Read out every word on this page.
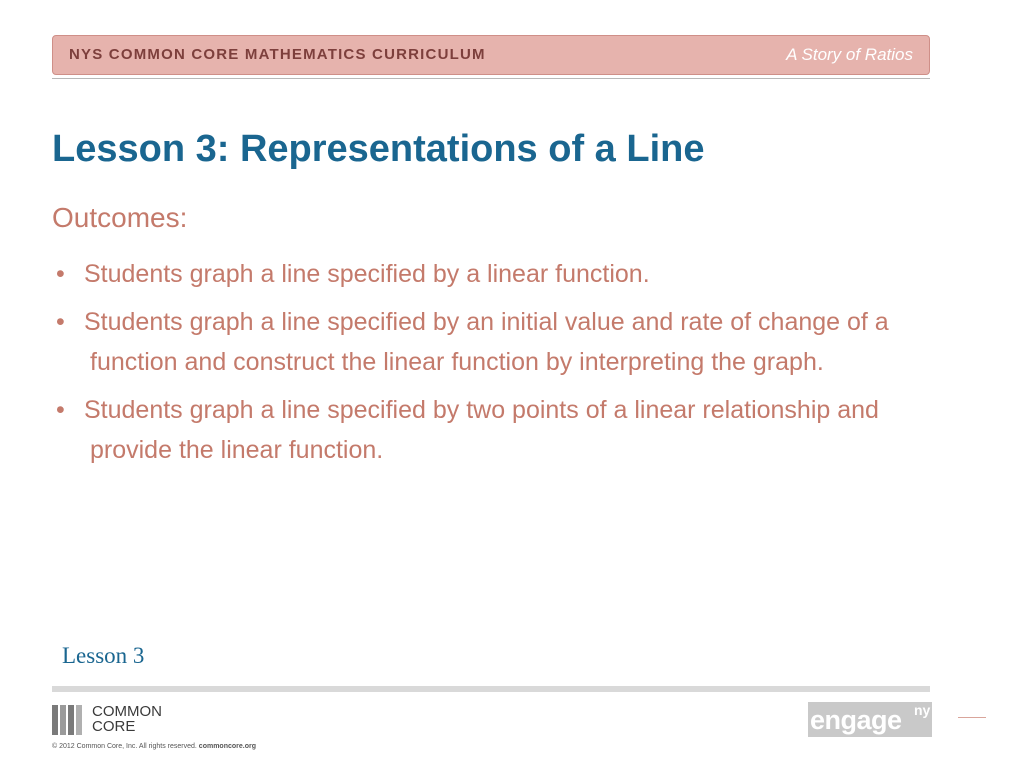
NYS COMMON CORE MATHEMATICS CURRICULUM	A Story of Ratios
Lesson 3: Representations of a Line
Outcomes:
• Students graph a line specified by a linear function.
• Students graph a line specified by an initial value and rate of change of a function and construct the linear function by interpreting the graph.
• Students graph a line specified by two points of a linear relationship and provide the linear function.
Lesson 3
COMMON
CORE
© 2012 Common Core, Inc. All rights reserved. commoncore.org
engage ny
